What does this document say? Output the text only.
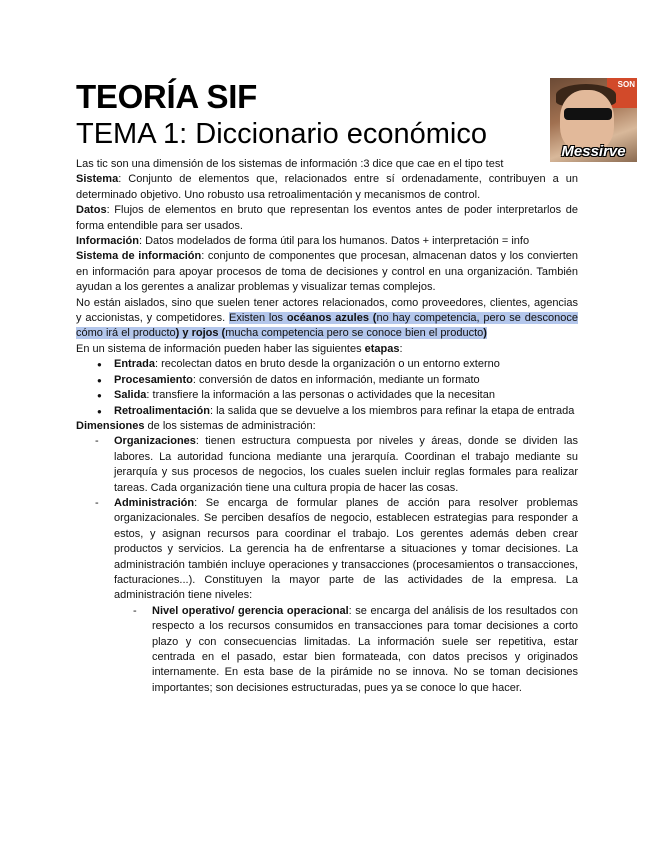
TEORÍA SIF
TEMA 1: Diccionario económico
SON
Messirve

Las tic son una dimensión de los sistemas de información :3 dice que cae en el tipo test

Sistema: Conjunto de elementos que, relacionados entre sí ordenadamente, contribuyen a un determinado objetivo. Uno robusto usa retroalimentación y mecanismos de control.

Datos: Flujos de elementos en bruto que representan los eventos antes de poder interpretarlos de forma entendible para ser usados.

Información: Datos modelados de forma útil para los humanos. Datos + interpretación = info

Sistema de información: conjunto de componentes que procesan, almacenan datos y los convierten en información para apoyar procesos de toma de decisiones y control en una organización. También ayudan a los gerentes a analizar problemas y visualizar temas complejos.

No están aislados, sino que suelen tener actores relacionados, como proveedores, clientes, agencias y accionistas, y competidores. Existen los océanos azules (no hay competencia, pero se desconoce cómo irá el producto) y rojos (mucha competencia pero se conoce bien el producto)

En un sistema de información pueden haber las siguientes etapas:

● Entrada: recolectan datos en bruto desde la organización o un entorno externo
● Procesamiento: conversión de datos en información, mediante un formato
● Salida: transfiere la información a las personas o actividades que la necesitan
● Retroalimentación: la salida que se devuelve a los miembros para refinar la etapa de entrada

Dimensiones de los sistemas de administración:

- Organizaciones: tienen estructura compuesta por niveles y áreas, donde se dividen las labores. La autoridad funciona mediante una jerarquía. Coordinan el trabajo mediante su jerarquía y sus procesos de negocios, los cuales suelen incluir reglas formales para realizar tareas. Cada organización tiene una cultura propia de hacer las cosas.
- Administración: Se encarga de formular planes de acción para resolver problemas organizacionales. Se perciben desafíos de negocio, establecen estrategias para responder a estos, y asignan recursos para coordinar el trabajo. Los gerentes además deben crear productos y servicios. La gerencia ha de enfrentarse a situaciones y tomar decisiones. La administración también incluye operaciones y transacciones (procesamientos o transacciones, facturaciones...). Constituyen la mayor parte de las actividades de la empresa. La administración tiene niveles:
- Nivel operativo/ gerencia operacional: se encarga del análisis de los resultados con respecto a los recursos consumidos en transacciones para tomar decisiones a corto plazo y con consecuencias limitadas. La información suele ser repetitiva, estar centrada en el pasado, estar bien formateada, con datos precisos y originados internamente. En esta base de la pirámide no se innova. No se toman decisiones importantes; son decisiones estructuradas, pues ya se conoce lo que hacer.
